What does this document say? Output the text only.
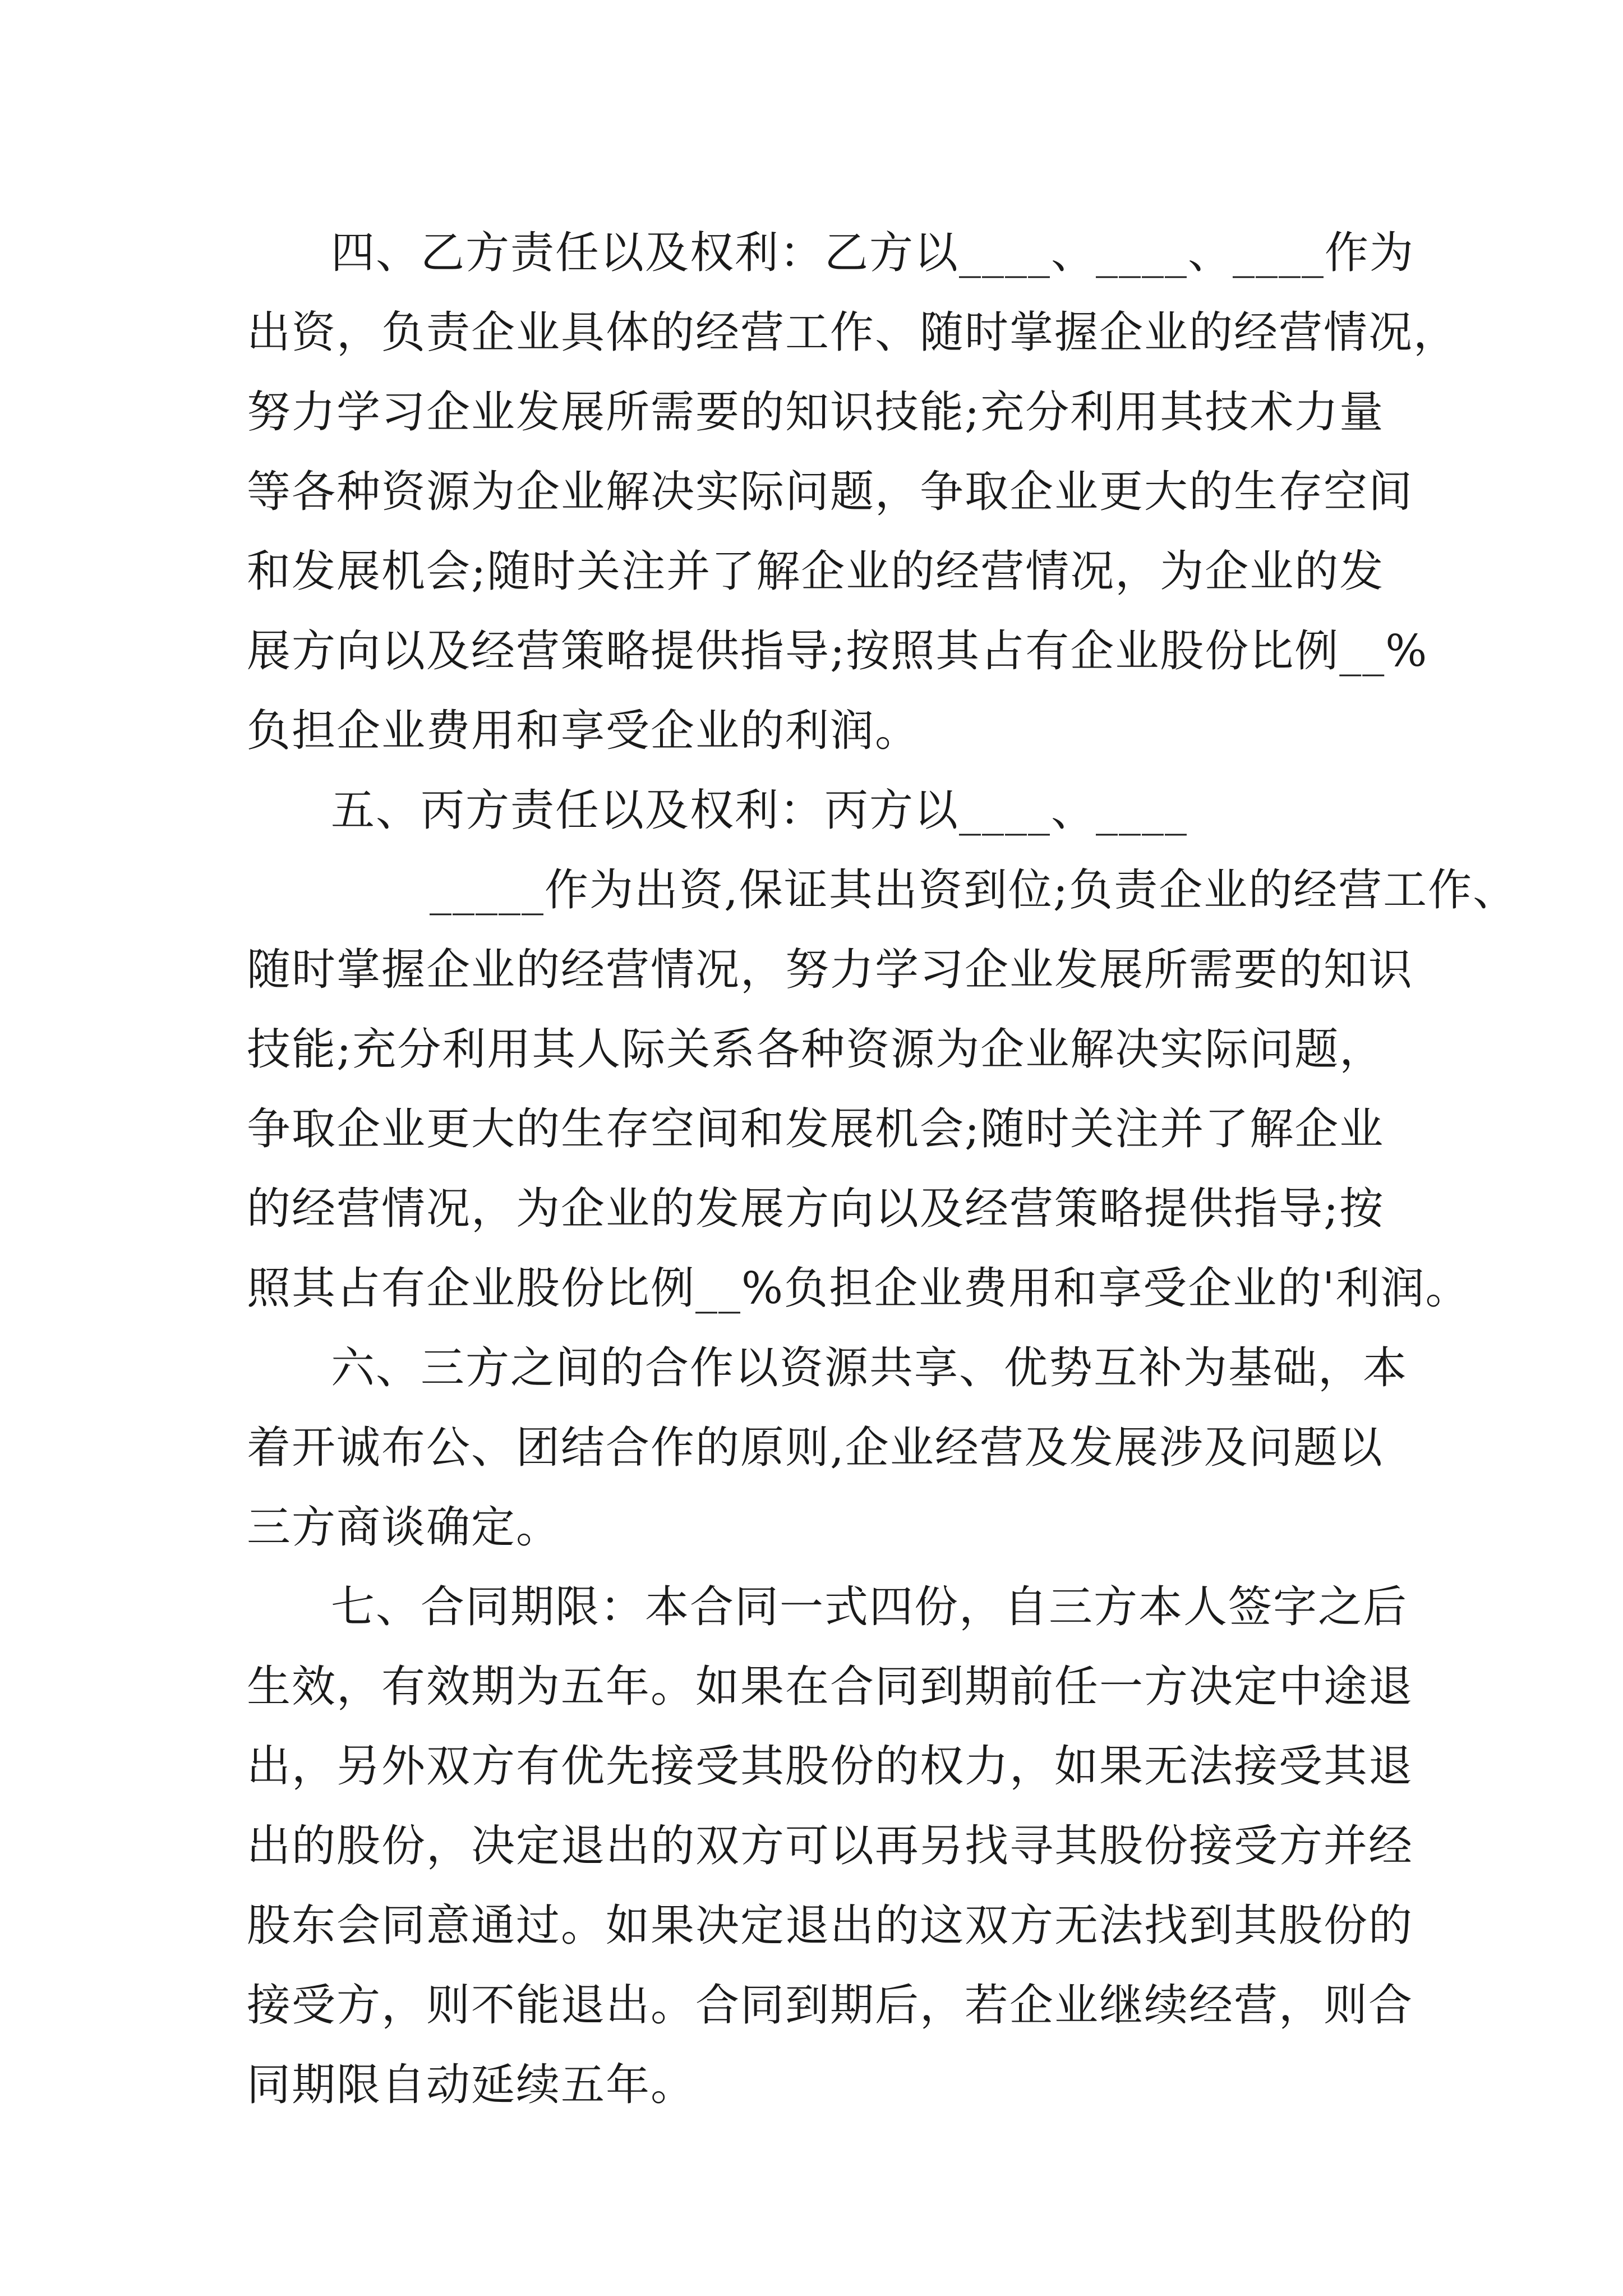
四、乙方责任以及权利：乙方以____、____、____作为
出资，负责企业具体的经营工作、随时掌握企业的经营情况，
努力学习企业发展所需要的知识技能;充分利用其技术力量
等各种资源为企业解决实际问题，争取企业更大的生存空间
和发展机会;随时关注并了解企业的经营情况，为企业的发
展方向以及经营策略提供指导;按照其占有企业股份比例__%
负担企业费用和享受企业的利润。
五、丙方责任以及权利：丙方以____、____
_____作为出资,保证其出资到位;负责企业的经营工作、
随时掌握企业的经营情况，努力学习企业发展所需要的知识
技能;充分利用其人际关系各种资源为企业解决实际问题，
争取企业更大的生存空间和发展机会;随时关注并了解企业
的经营情况，为企业的发展方向以及经营策略提供指导;按
照其占有企业股份比例__%负担企业费用和享受企业的'利润。
六、三方之间的合作以资源共享、优势互补为基础，本
着开诚布公、团结合作的原则,企业经营及发展涉及问题以
三方商谈确定。
七、合同期限：本合同一式四份，自三方本人签字之后
生效，有效期为五年。如果在合同到期前任一方决定中途退
出，另外双方有优先接受其股份的权力，如果无法接受其退
出的股份，决定退出的双方可以再另找寻其股份接受方并经
股东会同意通过。如果决定退出的这双方无法找到其股份的
接受方，则不能退出。合同到期后，若企业继续经营，则合
同期限自动延续五年。
